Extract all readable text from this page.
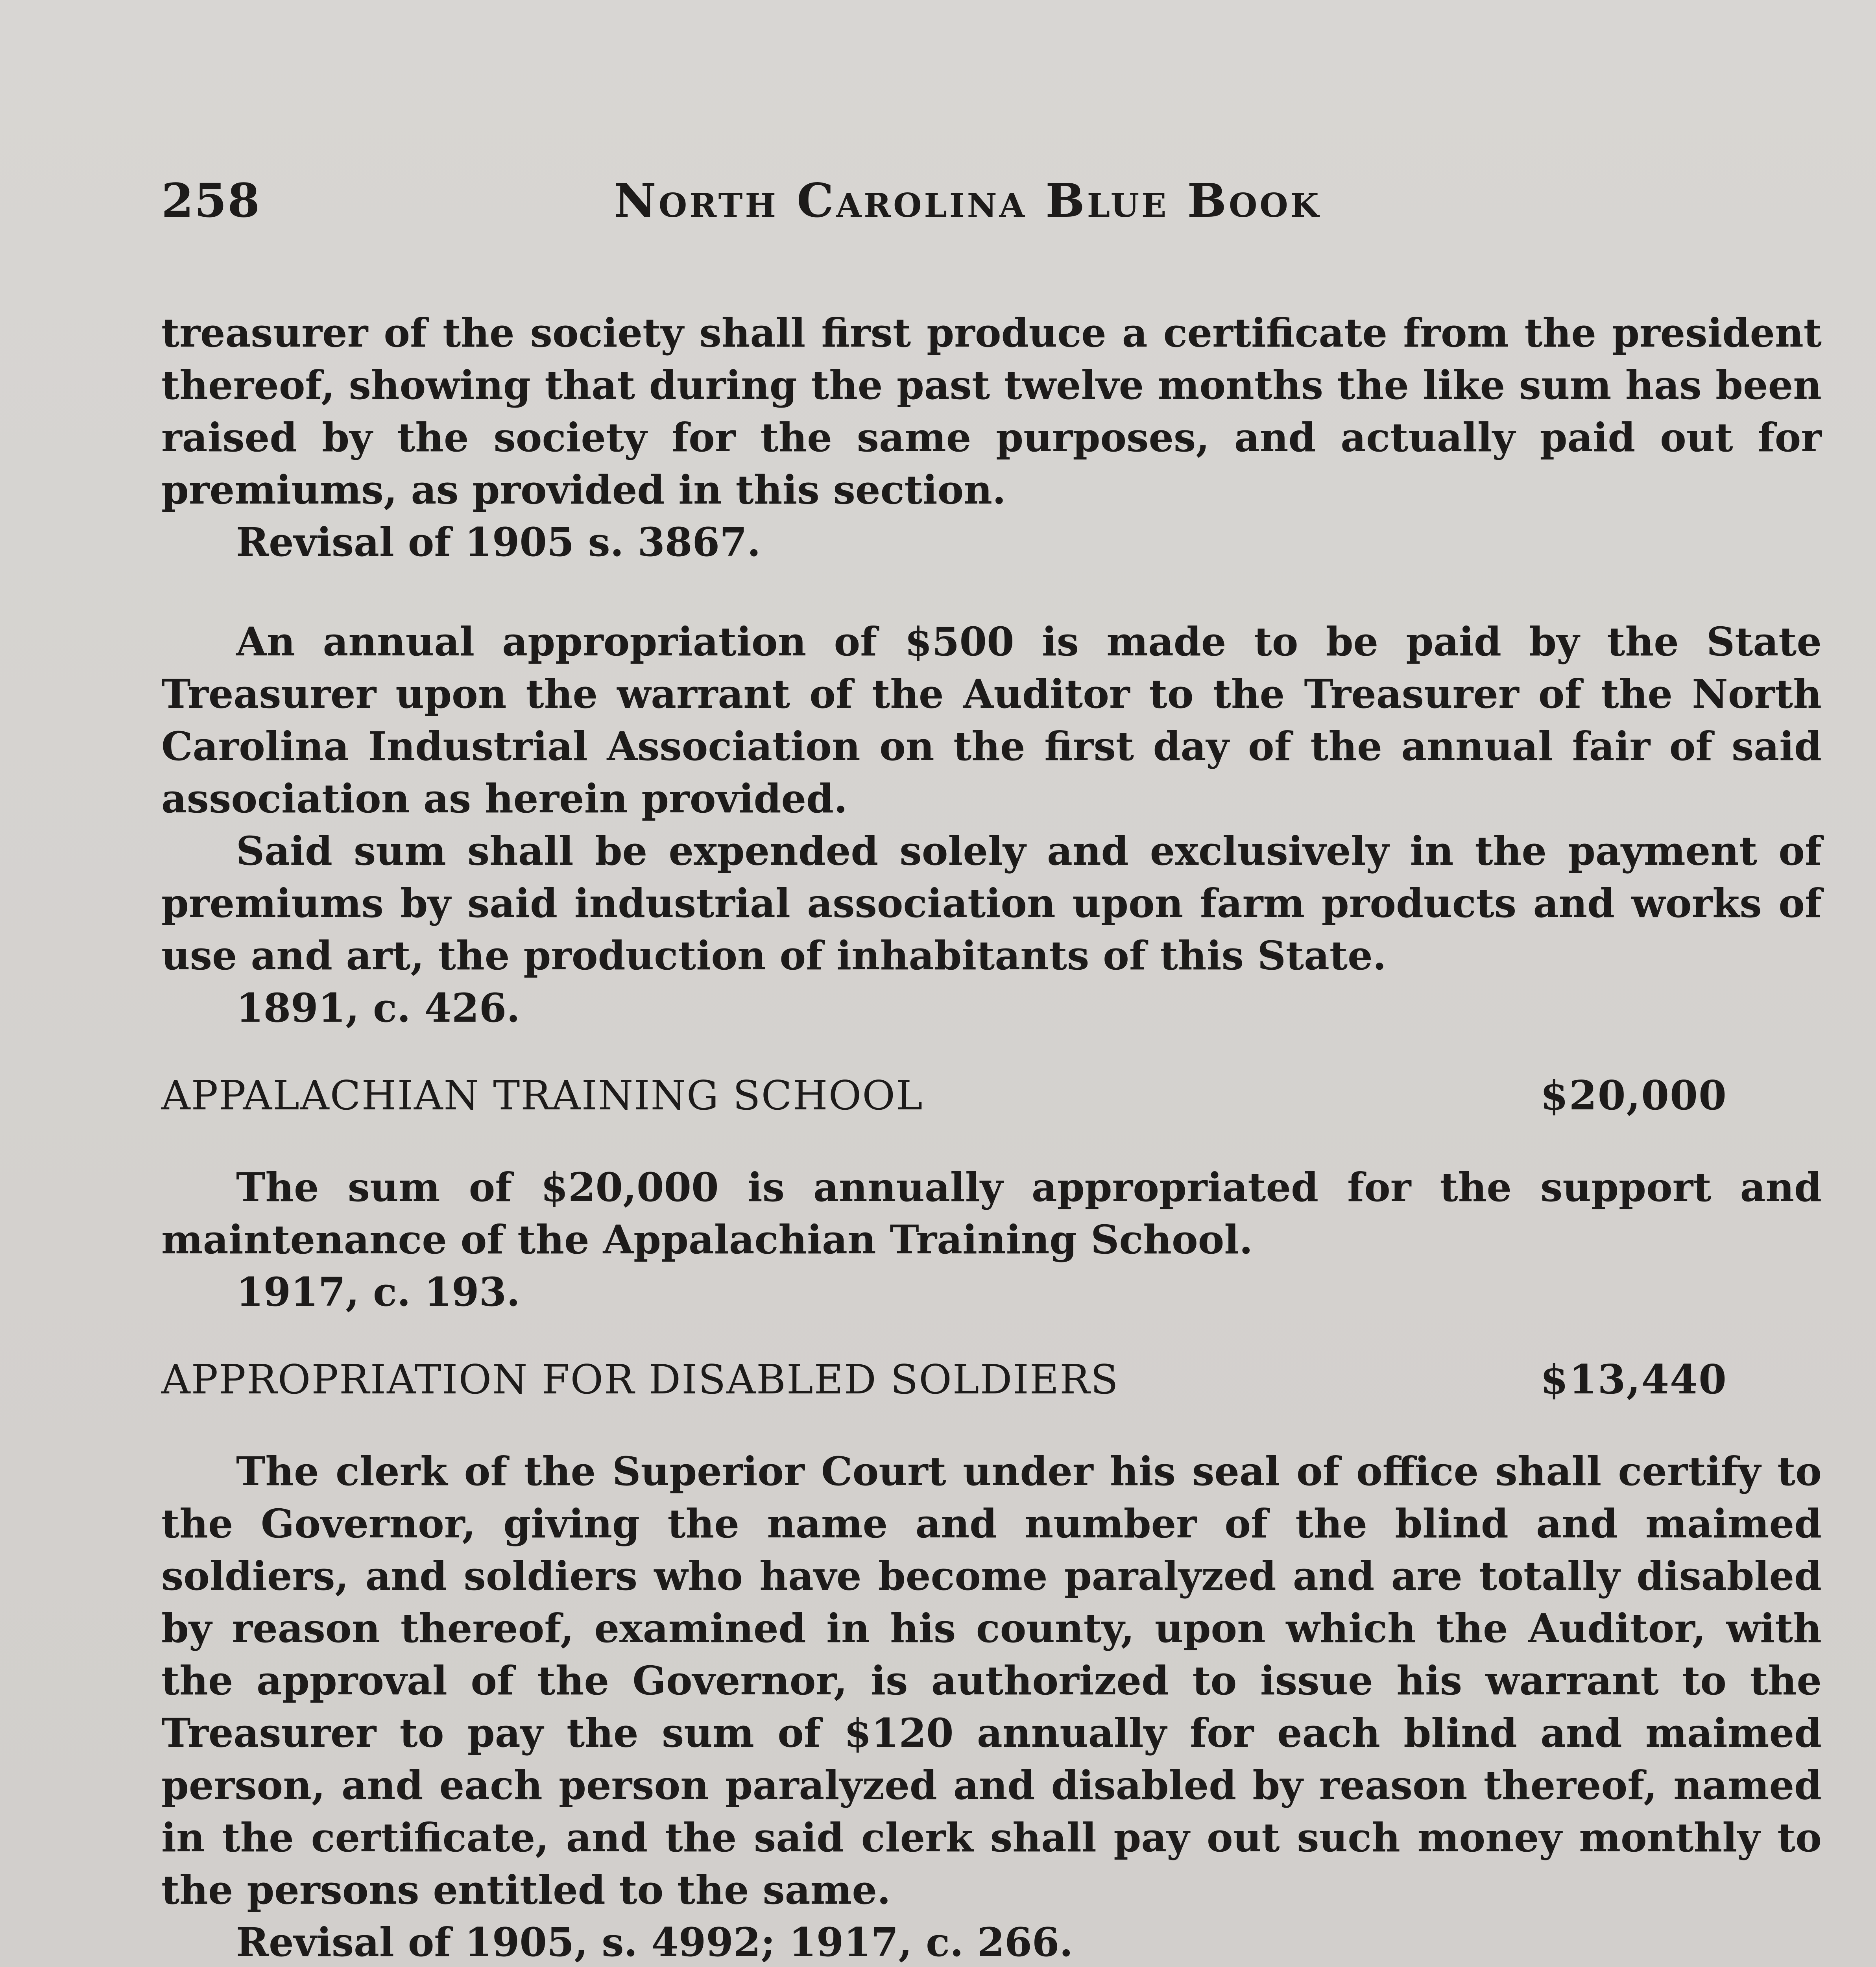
258	North Carolina Blue Book

treasurer of the society shall first produce a certificate from the president thereof, showing that during the past twelve months the like sum has been raised by the society for the same purposes, and actually paid out for premiums, as provided in this section.

Revisal of 1905 s. 3867.

An annual appropriation of $500 is made to be paid by the State Treasurer upon the warrant of the Auditor to the Treasurer of the North Carolina Industrial Association on the first day of the annual fair of said association as herein provided.

Said sum shall be expended solely and exclusively in the payment of premiums by said industrial association upon farm products and works of use and art, the production of inhabitants of this State.

1891, c. 426.
APPALACHIAN TRAINING SCHOOL	$20,000

The sum of $20,000 is annually appropriated for the support and maintenance of the Appalachian Training School.

1917, c. 193.
APPROPRIATION FOR DISABLED SOLDIERS	$13,440

The clerk of the Superior Court under his seal of office shall certify to the Governor, giving the name and number of the blind and maimed soldiers, and soldiers who have become paralyzed and are totally disabled by reason thereof, examined in his county, upon which the Auditor, with the approval of the Governor, is authorized to issue his warrant to the Treasurer to pay the sum of $120 annually for each blind and maimed person, and each person paralyzed and disabled by reason thereof, named in the certificate, and the said clerk shall pay out such money monthly to the persons entitled to the same.

Revisal of 1905, s. 4992; 1917, c. 266.
